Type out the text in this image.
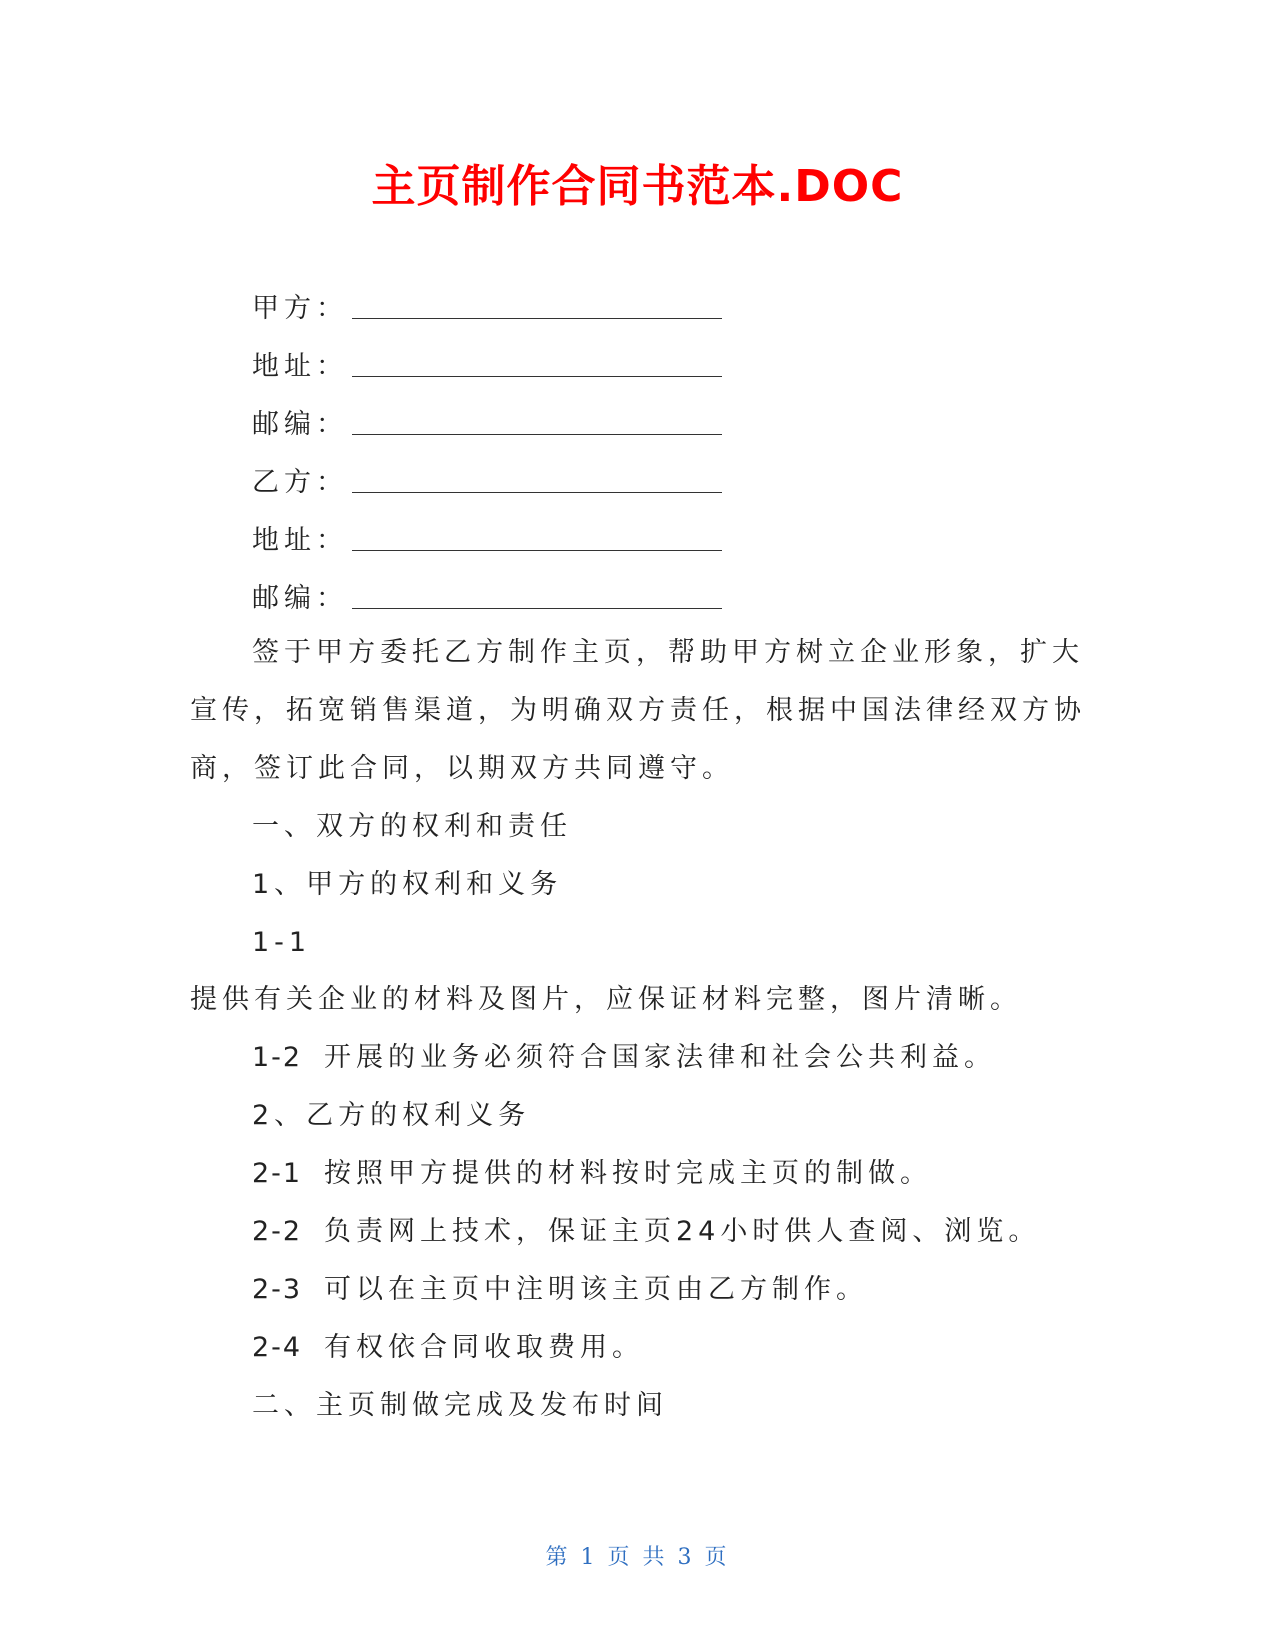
主页制作合同书范本.DOC
甲方：
地址：
邮编：
乙方：
地址：
邮编：
签于甲方委托乙方制作主页，帮助甲方树立企业形象，扩大
宣传，拓宽销售渠道，为明确双方责任，根据中国法律经双方协
商，签订此合同，以期双方共同遵守。
一、双方的权利和责任
1、甲方的权利和义务
1-1
提供有关企业的材料及图片，应保证材料完整，图片清晰。
1-2 开展的业务必须符合国家法律和社会公共利益。
2、乙方的权利义务
2-1 按照甲方提供的材料按时完成主页的制做。
2-2 负责网上技术，保证主页24小时供人查阅、浏览。
2-3 可以在主页中注明该主页由乙方制作。
2-4 有权依合同收取费用。
二、主页制做完成及发布时间
第 1 页 共 3 页
